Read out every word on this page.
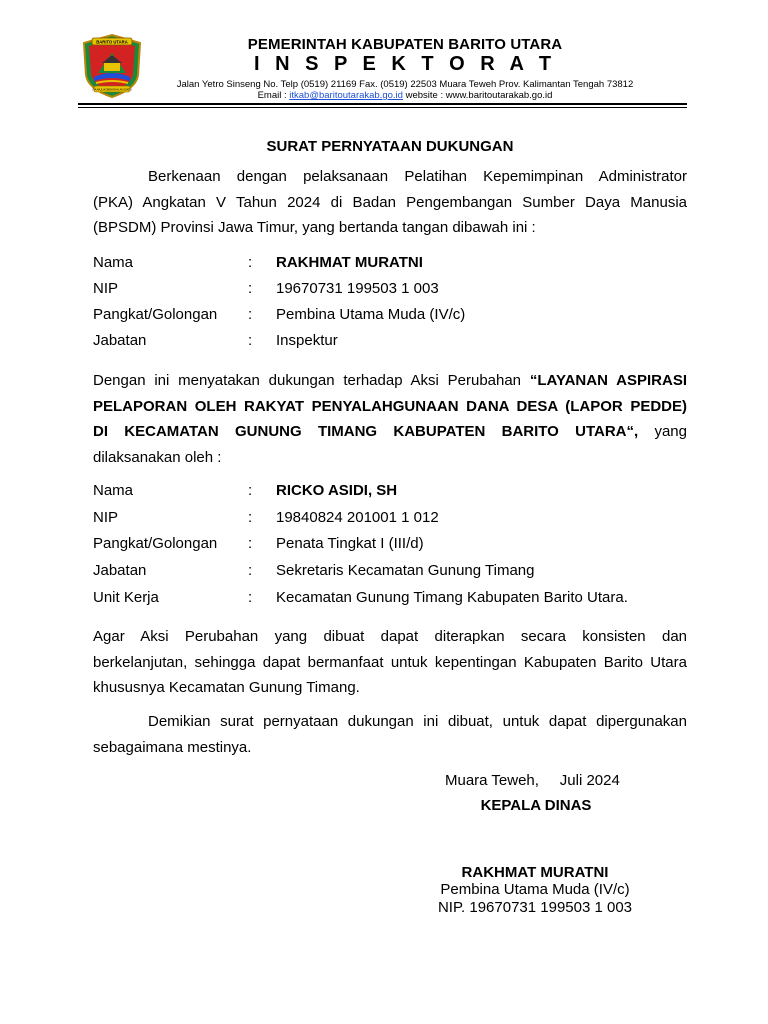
BARITO UTARA
IYA MULIK BENGKALAN DATU
PEMERINTAH KABUPATEN BARITO UTARA
I N S P E K T O R A T
Jalan Yetro Sinseng No. Telp (0519) 21169 Fax. (0519) 22503 Muara Teweh Prov. Kalimantan Tengah 73812
Email : itkab@baritoutarakab.go.id website : www.baritoutarakab.go.id
SURAT PERNYATAAN DUKUNGAN
Berkenaan dengan pelaksanaan Pelatihan Kepemimpinan Administrator
(PKA) Angkatan V Tahun 2024 di Badan Pengembangan Sumber Daya Manusia
(BPSDM) Provinsi Jawa Timur, yang bertanda tangan dibawah ini :
Nama	: RAKHMAT MURATNI
NIP	: 19670731 199503 1 003
Pangkat/Golongan : Pembina Utama Muda (IV/c)
Jabatan	: Inspektur
Dengan ini menyatakan dukungan terhadap Aksi Perubahan “LAYANAN ASPIRASI
PELAPORAN OLEH RAKYAT PENYALAHGUNAAN DANA DESA (LAPOR PEDDE)
DI KECAMATAN GUNUNG TIMANG KABUPATEN BARITO UTARA“, yang
dilaksanakan oleh :
Nama	: RICKO ASIDI, SH
NIP	: 19840824 201001 1 012
Pangkat/Golongan : Penata Tingkat I (III/d)
Jabatan	: Sekretaris Kecamatan Gunung Timang
Unit Kerja	: Kecamatan Gunung Timang Kabupaten Barito Utara.
Agar Aksi Perubahan yang dibuat dapat diterapkan secara konsisten dan
berkelanjutan, sehingga dapat bermanfaat untuk kepentingan Kabupaten Barito Utara
khususnya Kecamatan Gunung Timang.
Demikian surat pernyataan dukungan ini dibuat, untuk dapat dipergunakan
sebagaimana mestinya.
Muara Teweh,     Juli 2024
KEPALA DINAS
RAKHMAT MURATNI
Pembina Utama Muda (IV/c)
NIP. 19670731 199503 1 003
